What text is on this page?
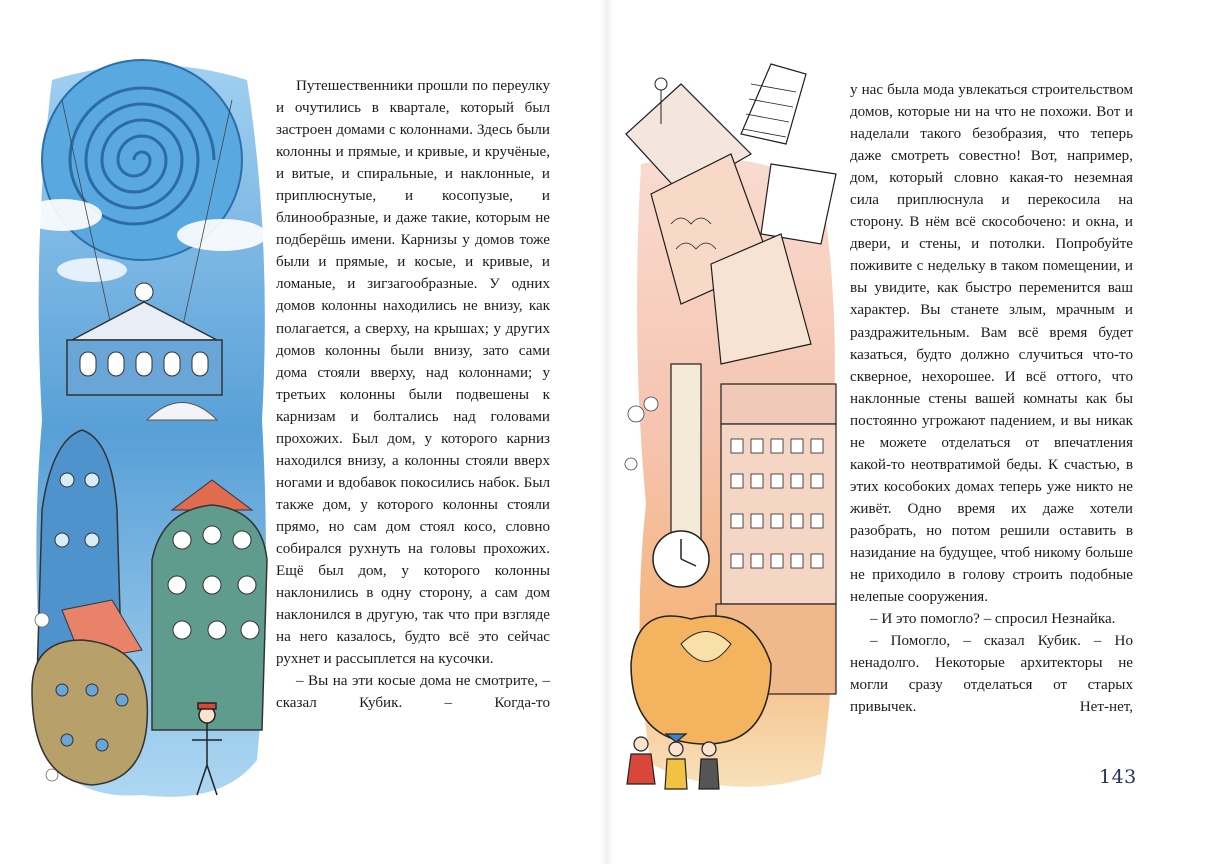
Путешественники прошли по переулку и очутились в квартале, который был застроен домами с колоннами. Здесь были колонны и прямые, и кривые, и кручёные, и витые, и спиральные, и наклонные, и приплюснутые, и косопузые, и блинообразные, и даже такие, которым не подберёшь имени. Карнизы у домов тоже были и прямые, и косые, и кривые, и ломаные, и зигзагообразные. У одних домов колонны находились не внизу, как полагается, а сверху, на крышах; у других домов колонны были внизу, зато сами дома стояли вверху, над колоннами; у третьих колонны были подвешены к карнизам и болтались над головами прохожих. Был дом, у которого карниз находился внизу, а колонны стояли вверх ногами и вдобавок покосились набок. Был также дом, у которого колонны стояли прямо, но сам дом стоял косо, словно собирался рухнуть на головы прохожих. Ещё был дом, у которого колонны наклонились в одну сторону, а сам дом наклонился в другую, так что при взгляде на него казалось, будто всё это сейчас рухнет и рассыплется на кусочки.

– Вы на эти косые дома не смотрите, – сказал Кубик. – Когда-то

у нас была мода увлекаться строительством домов, которые ни на что не похожи. Вот и наделали такого безобразия, что теперь даже смотреть совестно! Вот, например, дом, который словно какая-то неземная сила приплюснула и перекосила на сторону. В нём всё скособочено: и окна, и двери, и стены, и потолки. Попробуйте поживите с недельку в таком помещении, и вы увидите, как быстро переменится ваш характер. Вы станете злым, мрачным и раздражительным. Вам всё время будет казаться, будто должно случиться что-то скверное, нехорошее. И всё оттого, что наклонные стены вашей комнаты как бы постоянно угрожают падением, и вы никак не можете отделаться от впечатления какой-то неотвратимой беды. К счастью, в этих кособоких домах теперь уже никто не живёт. Одно время их даже хотели разобрать, но потом решили оставить в назидание на будущее, чтоб никому больше не приходило в голову строить подобные нелепые сооружения.

– И это помогло? – спросил Незнайка.

– Помогло, – сказал Кубик. – Но ненадолго. Некоторые архитекторы не могли сразу отделаться от старых привычек. Нет-нет,

143
